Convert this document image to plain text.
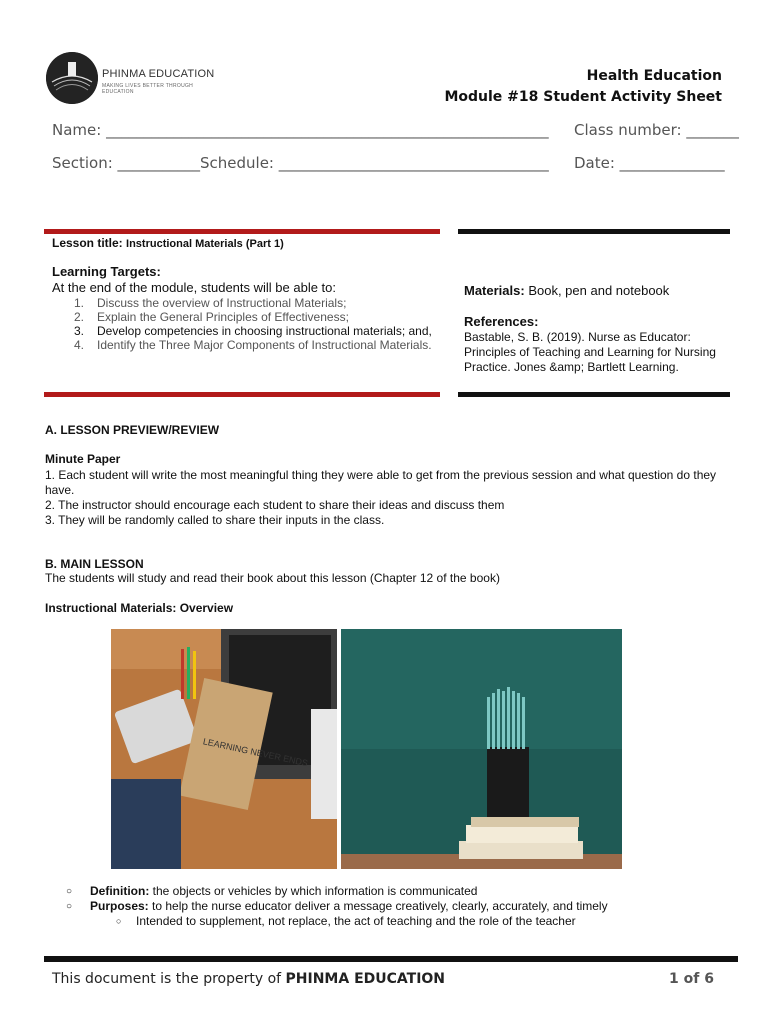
PHINMA EDUCATION
MAKING LIVES BETTER THROUGH EDUCATION
Health Education
Module #18 Student Activity Sheet
Name: ___________________________________________________________ Class number: _______
Section: ___________ Schedule: ____________________________________ Date: ______________
Lesson title: Instructional Materials (Part 1)
Learning Targets:
At the end of the module, students will be able to:
1. Discuss the overview of Instructional Materials;
2. Explain the General Principles of Effectiveness;
3. Develop competencies in choosing instructional materials; and,
4. Identify the Three Major Components of Instructional Materials.
Materials: Book, pen and notebook
References:
Bastable, S. B. (2019). Nurse as Educator: Principles of Teaching and Learning for Nursing Practice. Jones &amp; Bartlett Learning.
A. LESSON PREVIEW/REVIEW
Minute Paper
1. Each student will write the most meaningful thing they were able to get from the previous session and what question do they have.
2. The instructor should encourage each student to share their ideas and discuss them
3. They will be randomly called to share their inputs in the class.
B. MAIN LESSON
The students will study and read their book about this lesson (Chapter 12 of the book)
Instructional Materials: Overview
LEARNING NEVER ENDS
○ Definition: the objects or vehicles by which information is communicated
○ Purposes: to help the nurse educator deliver a message creatively, clearly, accurately, and timely
○ Intended to supplement, not replace, the act of teaching and the role of the teacher
This document is the property of PHINMA EDUCATION	1 of 6
